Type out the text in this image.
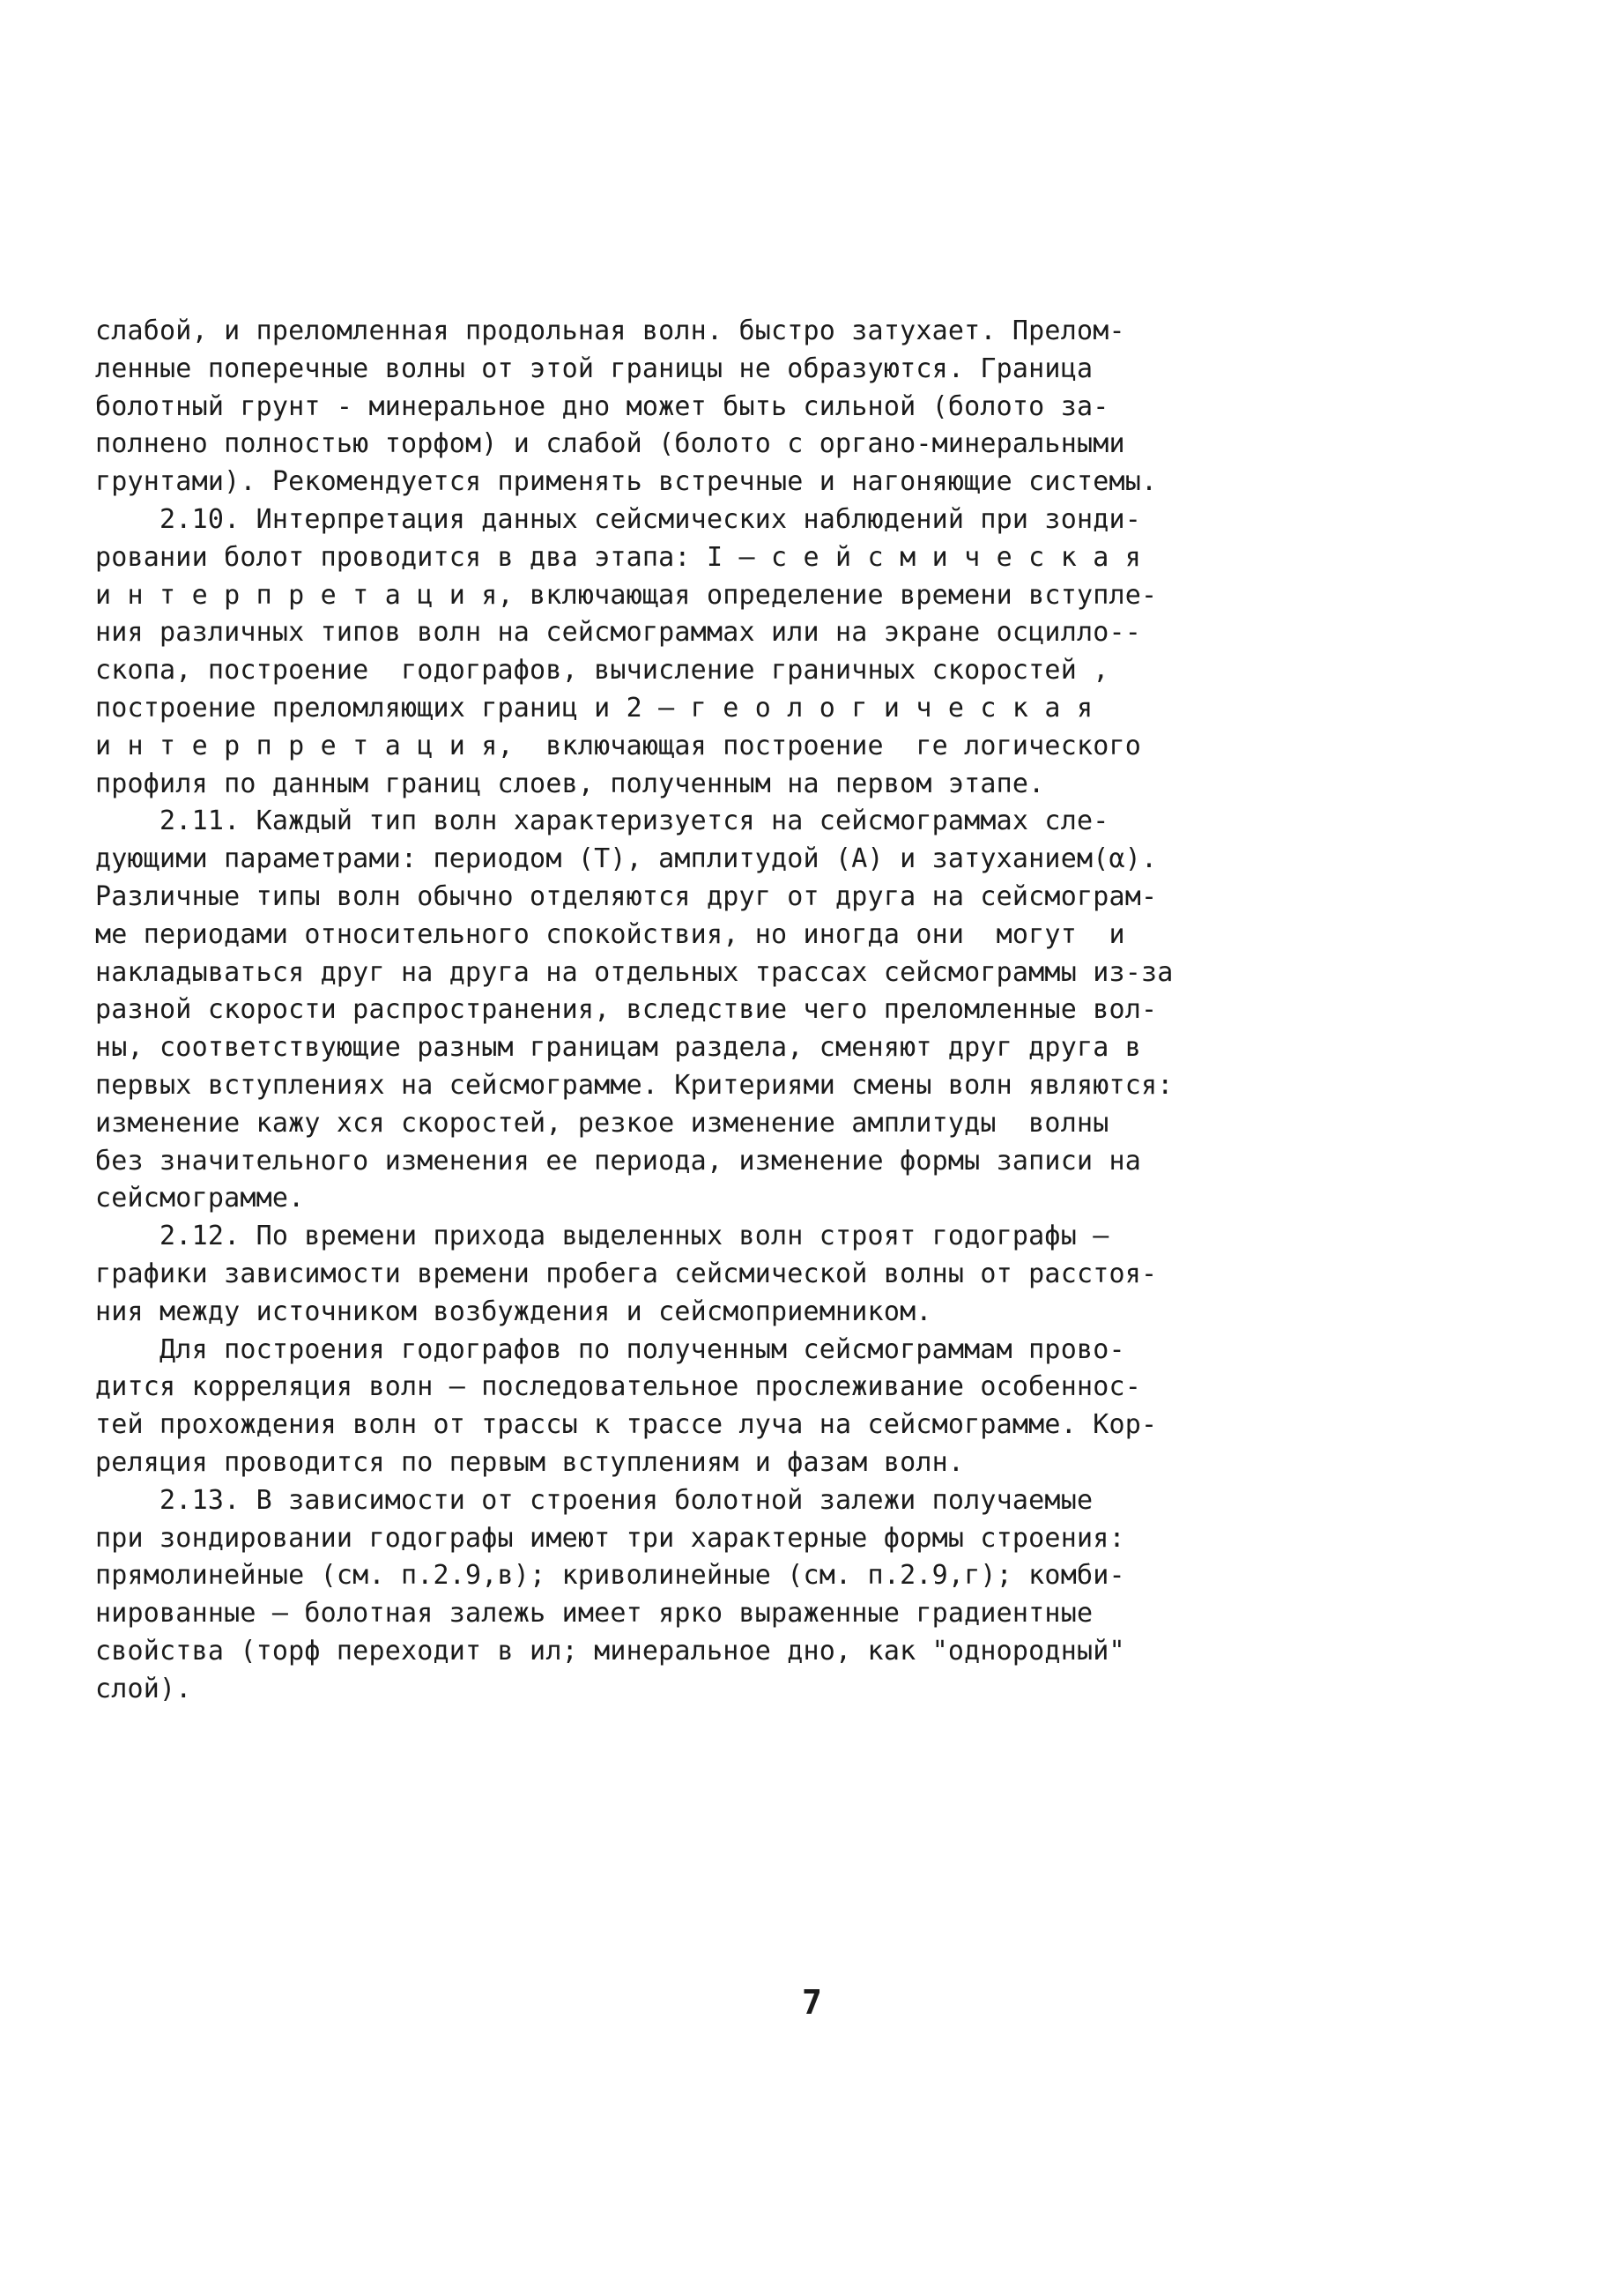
слабой, и преломленная продольная волн. быстро затухает. Прелом-
ленные поперечные волны от этой границы не образуются. Граница
болотный грунт - минеральное дно может быть сильной (болото за-
полнено полностью торфом) и слабой (болото с органо-минеральными
грунтами). Рекомендуется применять встречные и нагоняющие системы.
2.10. Интерпретация данных сейсмических наблюдений при зонди-
ровании болот проводится в два этапа: I — с е й с м и ч е с к а я
и н т е р п р е т а ц и я, включающая определение времени вступле-
ния различных типов волн на сейсмограммах или на экране осцилло--
скопа, построение  годографов, вычисление граничных скоростей ,
построение преломляющих границ и 2 — г е о л о г и ч е с к а я
и н т е р п р е т а ц и я,  включающая построение  ге логического
профиля по данным границ слоев, полученным на первом этапе.
2.11. Каждый тип волн характеризуется на сейсмограммах сле-
дующими параметрами: периодом (Т), амплитудой (А) и затуханием(α).
Различные типы волн обычно отделяются друг от друга на сейсмограм-
ме периодами относительного спокойствия, но иногда они  могут  и
накладываться друг на друга на отдельных трассах сейсмограммы из-за
разной скорости распространения, вследствие чего преломленные вол-
ны, соответствующие разным границам раздела, сменяют друг друга в
первых вступлениях на сейсмограмме. Критериями смены волн являются:
изменение кажу хся скоростей, резкое изменение амплитуды  волны
без значительного изменения ее периода, изменение формы записи на
сейсмограмме.
2.12. По времени прихода выделенных волн строят годографы —
графики зависимости времени пробега сейсмической волны от расстоя-
ния между источником возбуждения и сейсмоприемником.
Для построения годографов по полученным сейсмограммам прово-
дится корреляция волн — последовательное прослеживание особеннос-
тей прохождения волн от трассы к трассе луча на сейсмограмме. Кор-
реляция проводится по первым вступлениям и фазам волн.
2.13. В зависимости от строения болотной залежи получаемые
при зондировании годографы имеют три характерные формы строения:
прямолинейные (см. п.2.9,в); криволинейные (см. п.2.9,г); комби-
нированные — болотная залежь имеет ярко выраженные градиентные
свойства (торф переходит в ил; минеральное дно, как "однородный"
слой).
7
